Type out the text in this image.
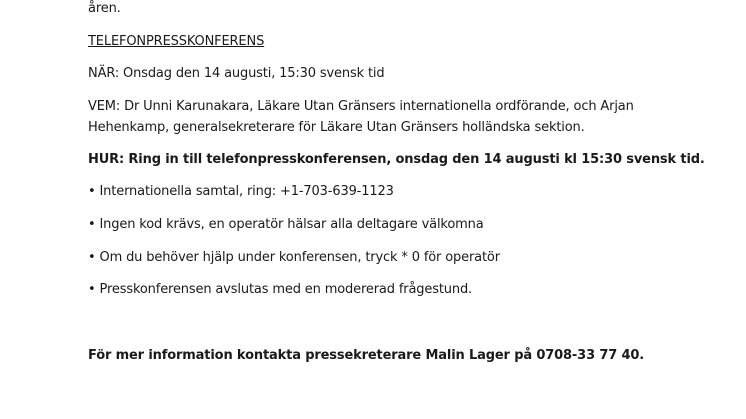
åren.
TELEFONPRESSKONFERENS
NÄR: Onsdag den 14 augusti, 15:30 svensk tid
VEM: Dr Unni Karunakara, Läkare Utan Gränsers internationella ordförande, och Arjan Hehenkamp, generalsekreterare för Läkare Utan Gränsers holländska sektion.
HUR: Ring in till telefonpresskonferensen, onsdag den 14 augusti kl 15:30 svensk tid.
• Internationella samtal, ring: +1-703-639-1123
• Ingen kod krävs, en operatör hälsar alla deltagare välkomna
• Om du behöver hjälp under konferensen, tryck * 0 för operatör
• Presskonferensen avslutas med en modererad frågestund.
För mer information kontakta pressekreterare Malin Lager på 0708-33 77 40.
